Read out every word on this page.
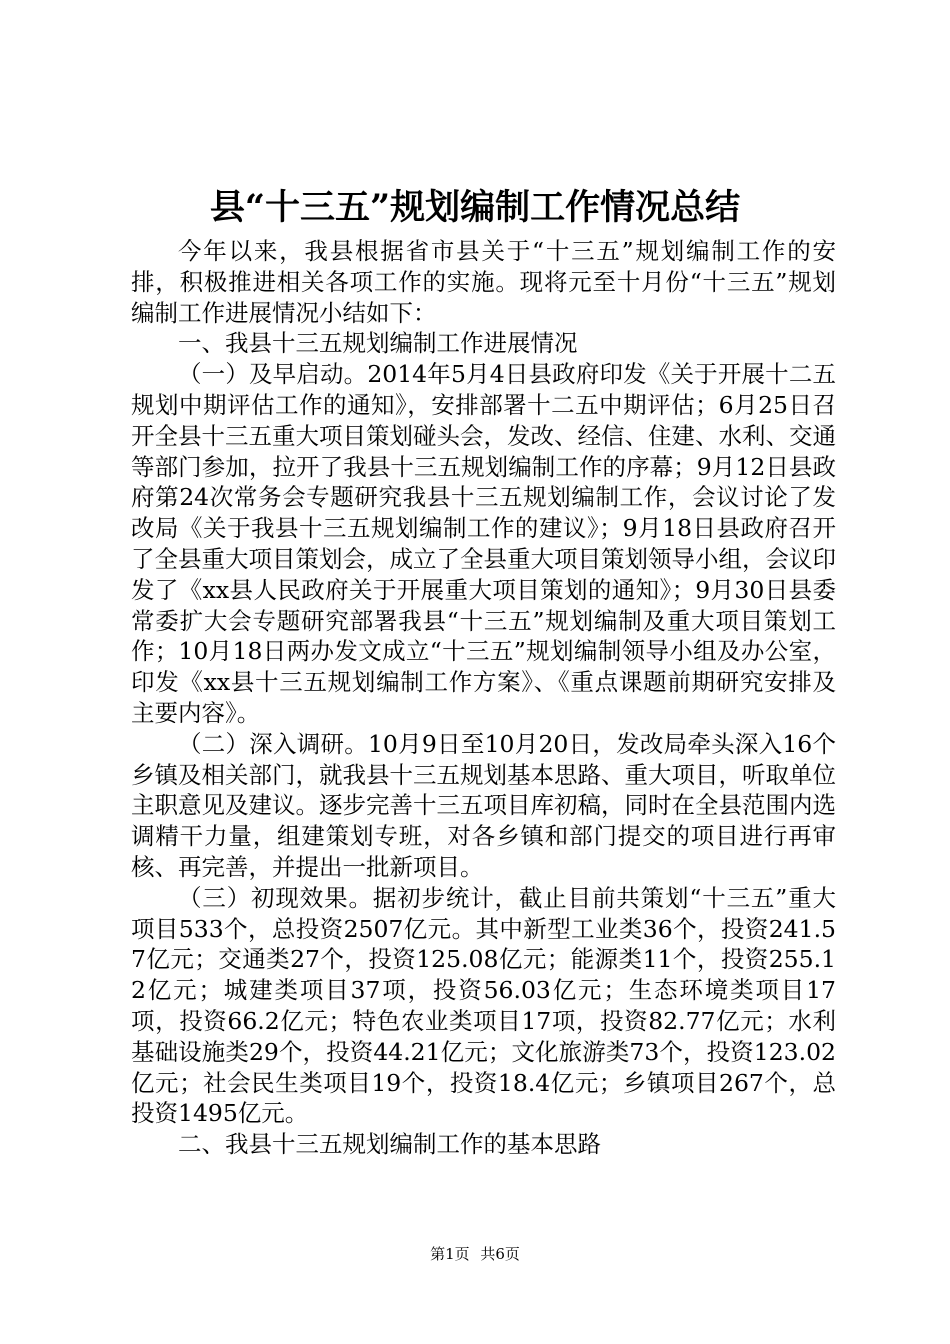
县“十三五”规划编制工作情况总结

今年以来，我县根据省市县关于“十三五”规划编制工作的安排，积极推进相关各项工作的实施。现将元至十月份“十三五”规划编制工作进展情况小结如下：

一、我县十三五规划编制工作进展情况

（一）及早启动。2014年5月4日县政府印发《关于开展十二五规划中期评估工作的通知》，安排部署十二五中期评估；6月25日召开全县十三五重大项目策划碰头会，发改、经信、住建、水利、交通等部门参加，拉开了我县十三五规划编制工作的序幕；9月12日县政府第24次常务会专题研究我县十三五规划编制工作，会议讨论了发改局《关于我县十三五规划编制工作的建议》；9月18日县政府召开了全县重大项目策划会，成立了全县重大项目策划领导小组，会议印发了《xx县人民政府关于开展重大项目策划的通知》；9月30日县委常委扩大会专题研究部署我县“十三五”规划编制及重大项目策划工作；10月18日两办发文成立“十三五”规划编制领导小组及办公室，印发《xx县十三五规划编制工作方案》、《重点课题前期研究安排及主要内容》。

（二）深入调研。10月9日至10月20日，发改局牵头深入16个乡镇及相关部门，就我县十三五规划基本思路、重大项目，听取单位主职意见及建议。逐步完善十三五项目库初稿，同时在全县范围内选调精干力量，组建策划专班，对各乡镇和部门提交的项目进行再审核、再完善，并提出一批新项目。

（三）初现效果。据初步统计，截止目前共策划“十三五”重大项目533个，总投资2507亿元。其中新型工业类36个，投资241.57亿元；交通类27个，投资125.08亿元；能源类11个，投资255.12亿元；城建类项目37项，投资56.03亿元；生态环境类项目17项，投资66.2亿元；特色农业类项目17项，投资82.77亿元；水利基础设施类29个，投资44.21亿元；文化旅游类73个，投资123.02亿元；社会民生类项目19个，投资18.4亿元；乡镇项目267个，总投资1495亿元。

二、我县十三五规划编制工作的基本思路

第1页 共6页
